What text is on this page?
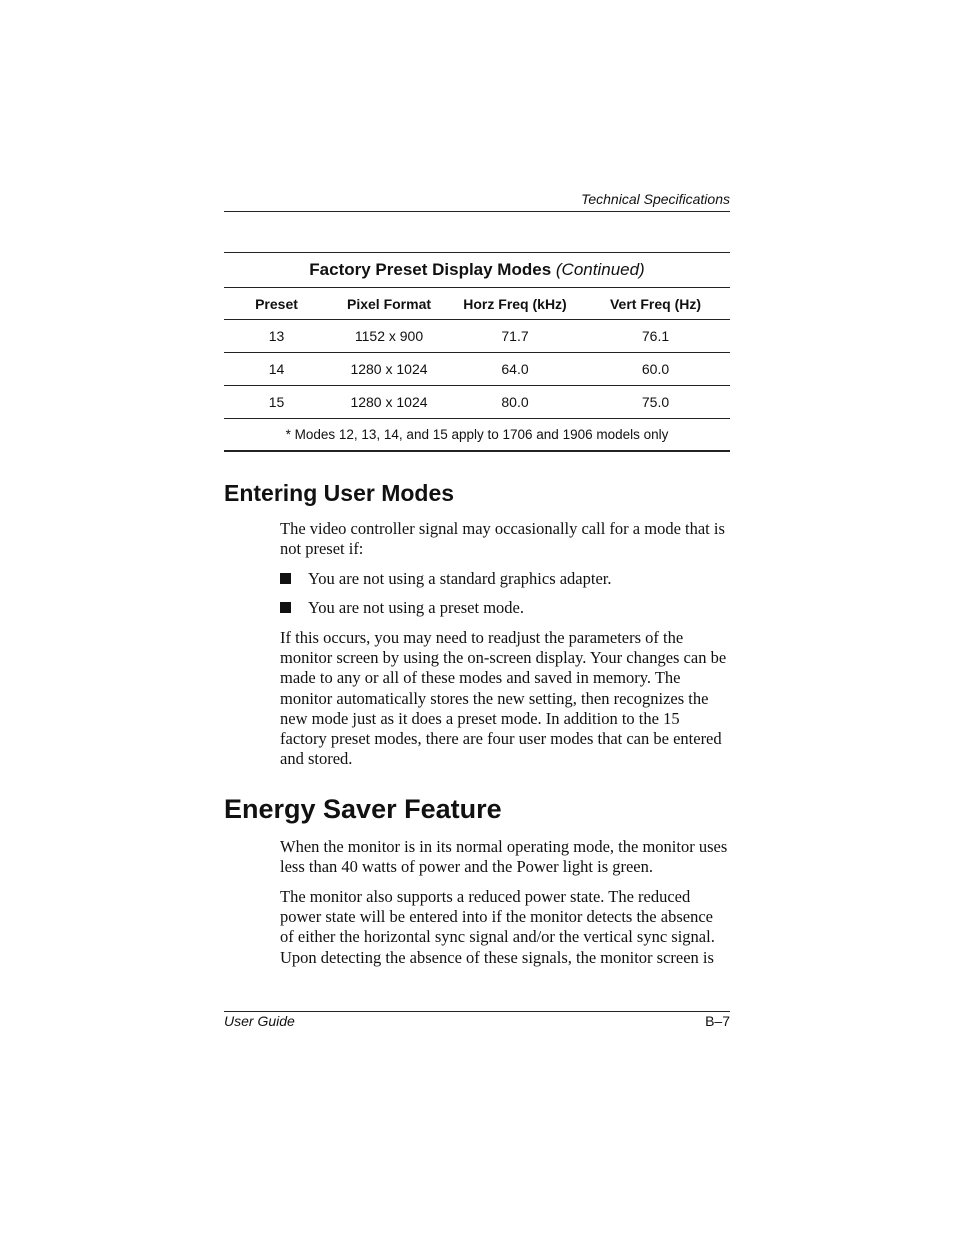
Technical Specifications
Factory Preset Display Modes (Continued)			
Preset	Pixel Format	Horz Freq (kHz)	Vert Freq (Hz)
13	1152 x 900	71.7	76.1
14	1280 x 1024	64.0	60.0
15	1280 x 1024	80.0	75.0
* Modes 12, 13, 14, and 15 apply to 1706 and 1906 models only			
Entering User Modes

The video controller signal may occasionally call for a mode that is not preset if:

You are not using a standard graphics adapter.
You are not using a preset mode.

If this occurs, you may need to readjust the parameters of the monitor screen by using the on-screen display. Your changes can be made to any or all of these modes and saved in memory. The monitor automatically stores the new setting, then recognizes the new mode just as it does a preset mode. In addition to the 15 factory preset modes, there are four user modes that can be entered and stored.

Energy Saver Feature

When the monitor is in its normal operating mode, the monitor uses less than 40 watts of power and the Power light is green.

The monitor also supports a reduced power state. The reduced power state will be entered into if the monitor detects the absence of either the horizontal sync signal and/or the vertical sync signal. Upon detecting the absence of these signals, the monitor screen is

User Guide	B–7
